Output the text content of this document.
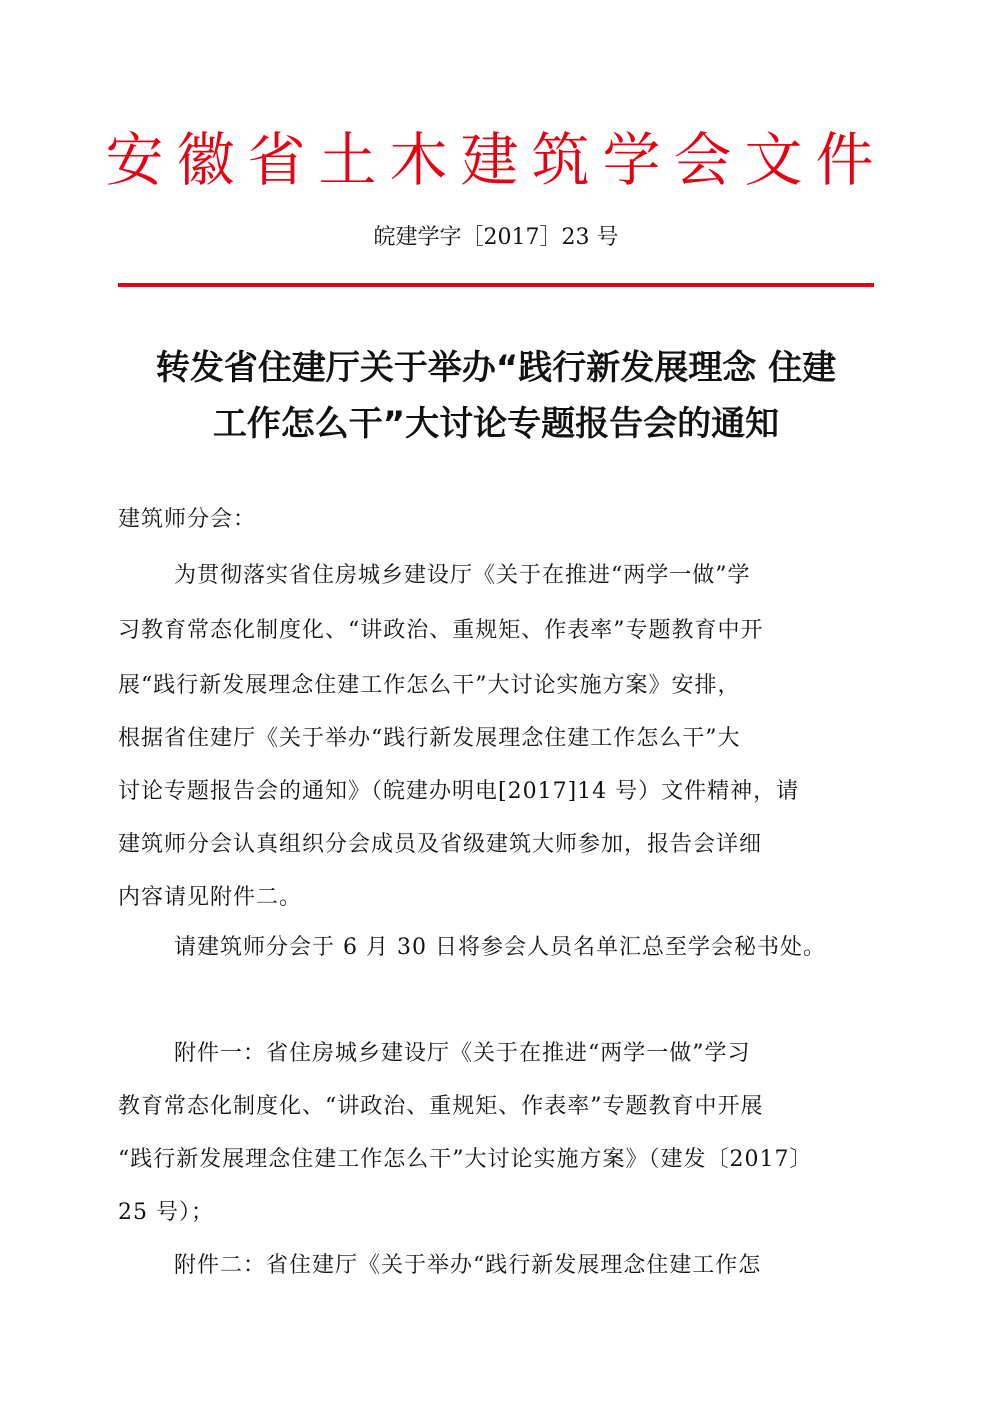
安徽省土木建筑学会文件
皖建学字［2017］23 号
转发省住建厅关于举办“践行新发展理念 住建
工作怎么干”大讨论专题报告会的通知
建筑师分会：
为贯彻落实省住房城乡建设厅《关于在推进“两学一做”学
习教育常态化制度化、“讲政治、重规矩、作表率”专题教育中开
展“践行新发展理念住建工作怎么干”大讨论实施方案》安排，
根据省住建厅《关于举办“践行新发展理念住建工作怎么干”大
讨论专题报告会的通知》（皖建办明电[2017]14 号）文件精神，请
建筑师分会认真组织分会成员及省级建筑大师参加，报告会详细
内容请见附件二。
请建筑师分会于 6 月 30 日将参会人员名单汇总至学会秘书处。
附件一：省住房城乡建设厅《关于在推进“两学一做”学习
教育常态化制度化、“讲政治、重规矩、作表率”专题教育中开展
“践行新发展理念住建工作怎么干”大讨论实施方案》（建发〔2017〕
25 号）；
附件二：省住建厅《关于举办“践行新发展理念住建工作怎
